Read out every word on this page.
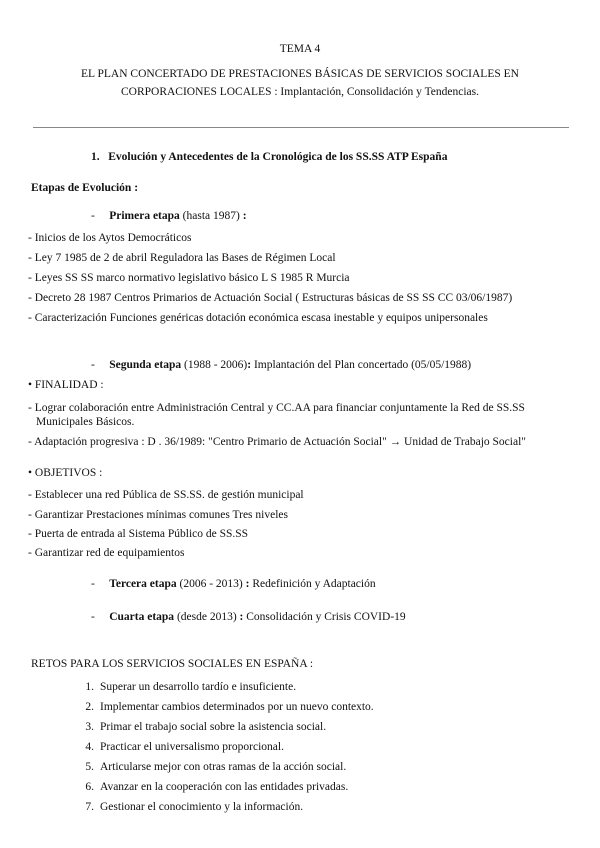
TEMA 4
EL PLAN CONCERTADO DE PRESTACIONES BÁSICAS DE SERVICIOS SOCIALES EN
CORPORACIONES LOCALES : Implantación, Consolidación y Tendencias.
1. Evolución y Antecedentes de la Cronológica de los SS.SS ATP España
Etapas de Evolución :
- Primera etapa (hasta 1987) :
- Inicios de los Aytos Democráticos
- Ley 7 1985 de 2 de abril Reguladora las Bases de Régimen Local
- Leyes SS SS marco normativo legislativo básico L S 1985 R Murcia
- Decreto 28 1987 Centros Primarios de Actuación Social ( Estructuras básicas de SS SS CC 03/06/1987)
- Caracterización Funciones genéricas dotación económica escasa inestable y equipos unipersonales
- Segunda etapa (1988 - 2006): Implantación del Plan concertado (05/05/1988)
• FINALIDAD :
- Lograr colaboración entre Administración Central y CC.AA para financiar conjuntamente la Red de SS.SS
Municipales Básicos.
- Adaptación progresiva : D . 36/1989: "Centro Primario de Actuación Social" → Unidad de Trabajo Social"
• OBJETIVOS :
- Establecer una red Pública de SS.SS. de gestión municipal
- Garantizar Prestaciones mínimas comunes Tres niveles
- Puerta de entrada al Sistema Público de SS.SS
- Garantizar red de equipamientos
- Tercera etapa (2006 - 2013) : Redefinición y Adaptación
- Cuarta etapa (desde 2013) : Consolidación y Crisis COVID-19
RETOS PARA LOS SERVICIOS SOCIALES EN ESPAÑA :
1. Superar un desarrollo tardío e insuficiente.
2. Implementar cambios determinados por un nuevo contexto.
3. Primar el trabajo social sobre la asistencia social.
4. Practicar el universalismo proporcional.
5. Articularse mejor con otras ramas de la acción social.
6. Avanzar en la cooperación con las entidades privadas.
7. Gestionar el conocimiento y la información.
